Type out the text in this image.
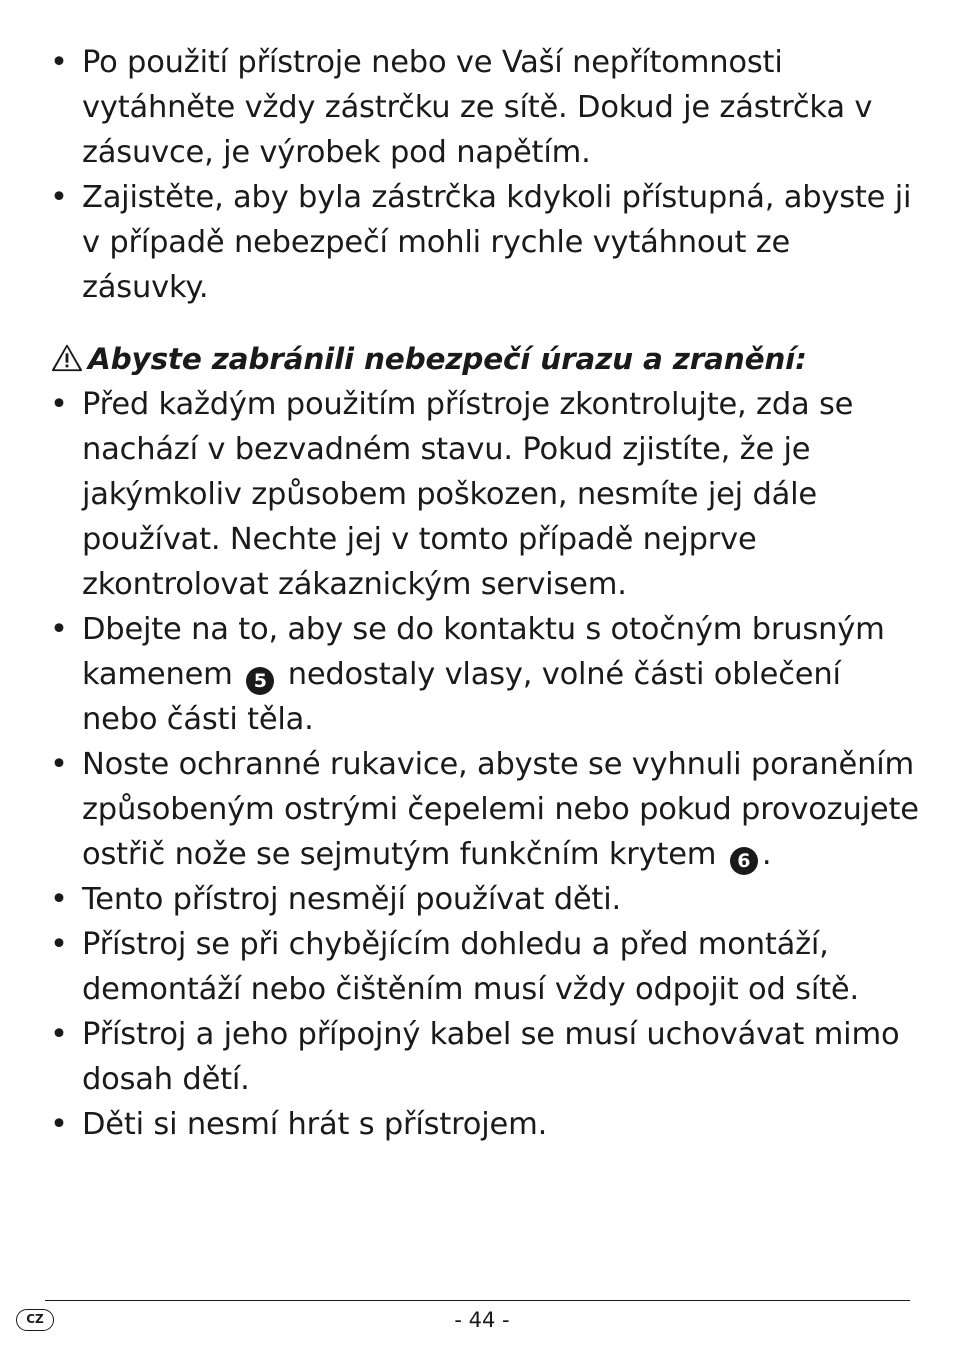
• Po použití přístroje nebo ve Vaší nepřítomnosti vytáhněte vždy zástrčku ze sítě. Dokud je zástrčka v zásuvce, je výrobek pod napětím.
• Zajistěte, aby byla zástrčka kdykoli přístupná, abyste ji v případě nebezpečí mohli rychle vytáhnout ze zásuvky.
Abyste zabránili nebezpečí úrazu a zranění:
• Před každým použitím přístroje zkontrolujte, zda se nachází v bezvadném stavu. Pokud zjistíte, že je jakýmkoliv způsobem poškozen, nesmíte jej dále používat. Nechte jej v tomto případě nejprve zkontrolovat zákaznickým servisem.
• Dbejte na to, aby se do kontaktu s otočným brusným kamenem 5 nedostaly vlasy, volné části oblečení nebo části těla.
• Noste ochranné rukavice, abyste se vyhnuli poraněním způsobeným ostrými čepelemi nebo pokud provozujete ostřič nože se sejmutým funkčním krytem 6 .
• Tento přístroj nesmějí používat děti.
• Přístroj se při chybějícím dohledu a před montáží, demontáží nebo čištěním musí vždy odpojit od sítě.
• Přístroj a jeho přípojný kabel se musí uchovávat mimo dosah dětí.
• Děti si nesmí hrát s přístrojem.
CZ	- 44 -
